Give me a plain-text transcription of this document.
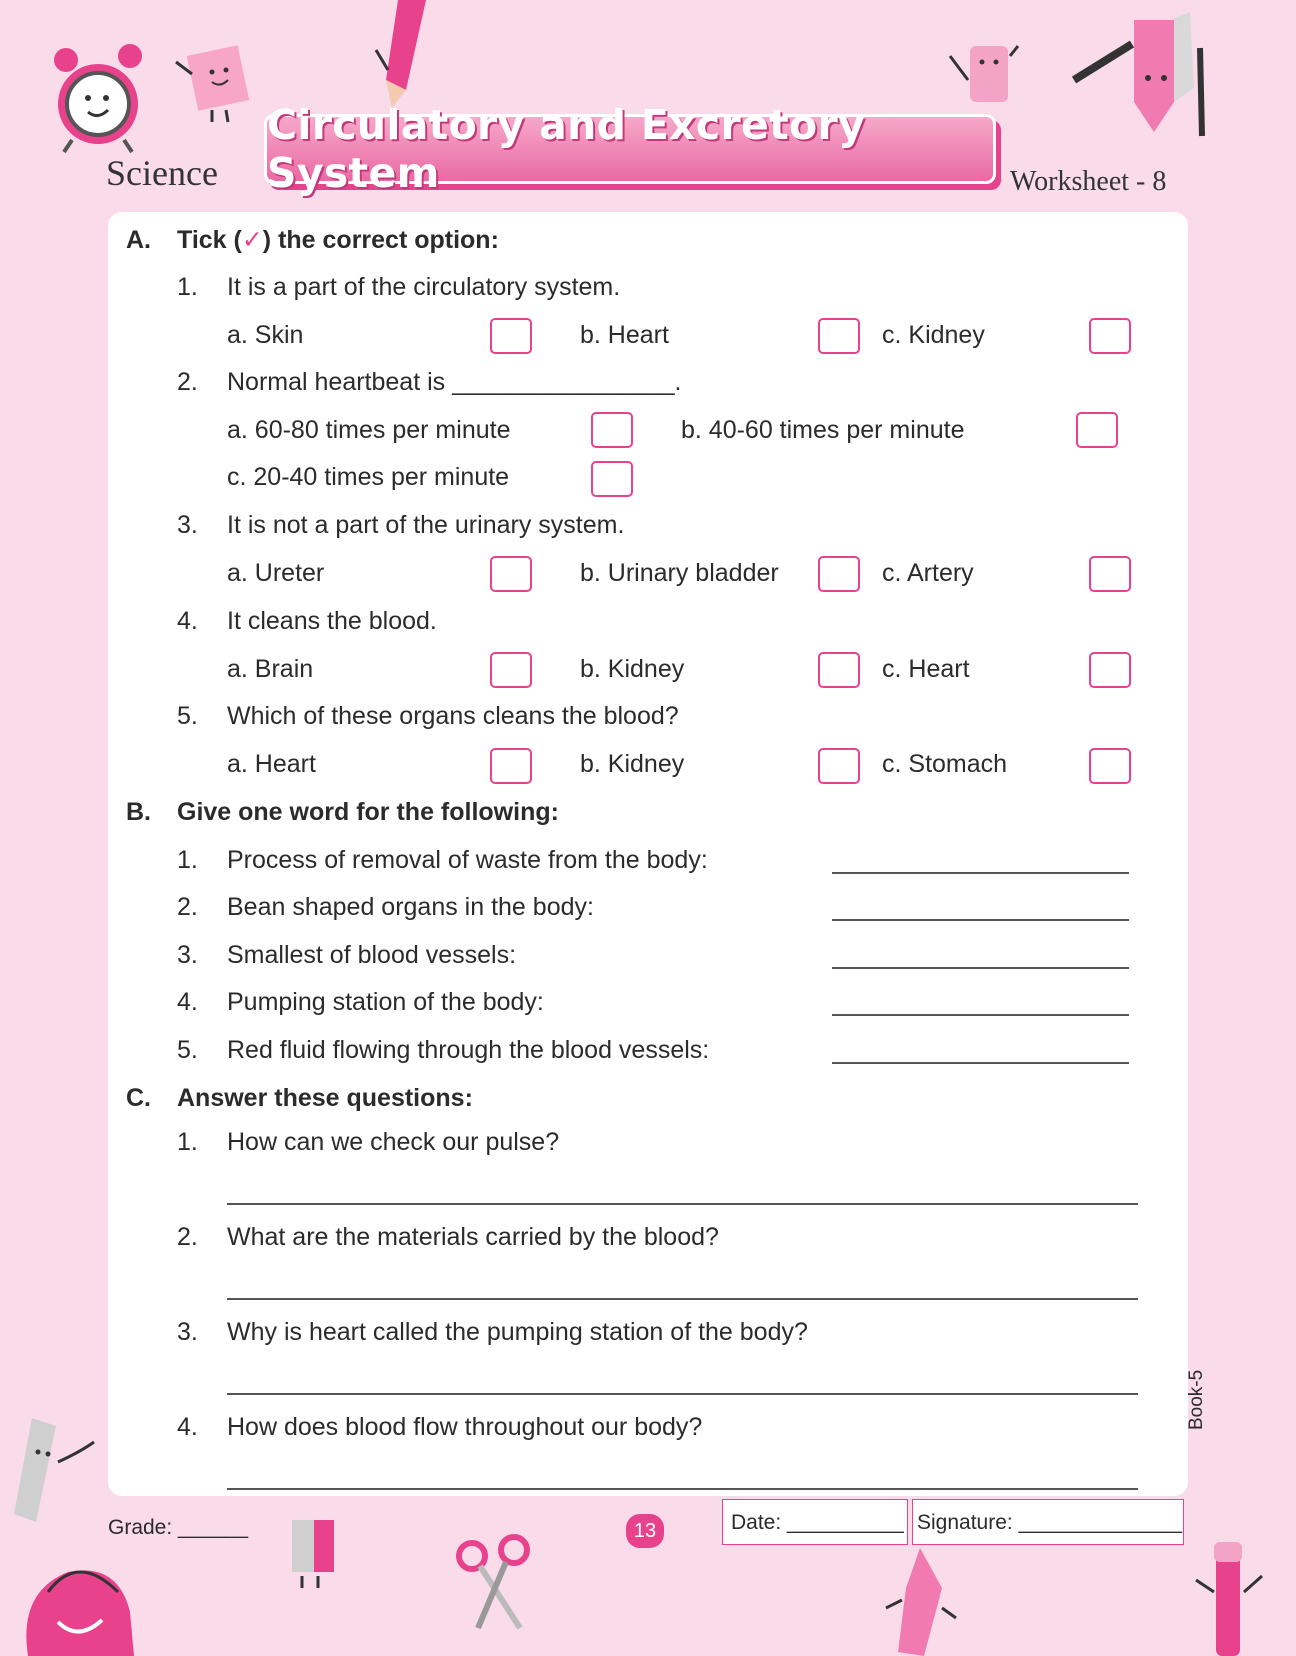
Science
Circulatory and Excretory System	Worksheet - 8
A. Tick (✓) the correct option:
1. It is a part of the circulatory system.
a. Skin	b. Heart	c. Kidney
2. Normal heartbeat is ________________.
a. 60-80 times per minute	b. 40-60 times per minute
c. 20-40 times per minute
3. It is not a part of the urinary system.
a. Ureter	b. Urinary bladder	c. Artery
4. It cleans the blood.
a. Brain	b. Kidney	c. Heart
5. Which of these organs cleans the blood?
a. Heart	b. Kidney	c. Stomach
B. Give one word for the following:
1. Process of removal of waste from the body:
2. Bean shaped organs in the body:
3. Smallest of blood vessels:
4. Pumping station of the body:
5. Red fluid flowing through the blood vessels:
C. Answer these questions:
1. How can we check our pulse?
2. What are the materials carried by the blood?
3. Why is heart called the pumping station of the body?
4. How does blood flow throughout our body?	Book-5
Grade: ______	13	Date: __________ Signature: ______________
